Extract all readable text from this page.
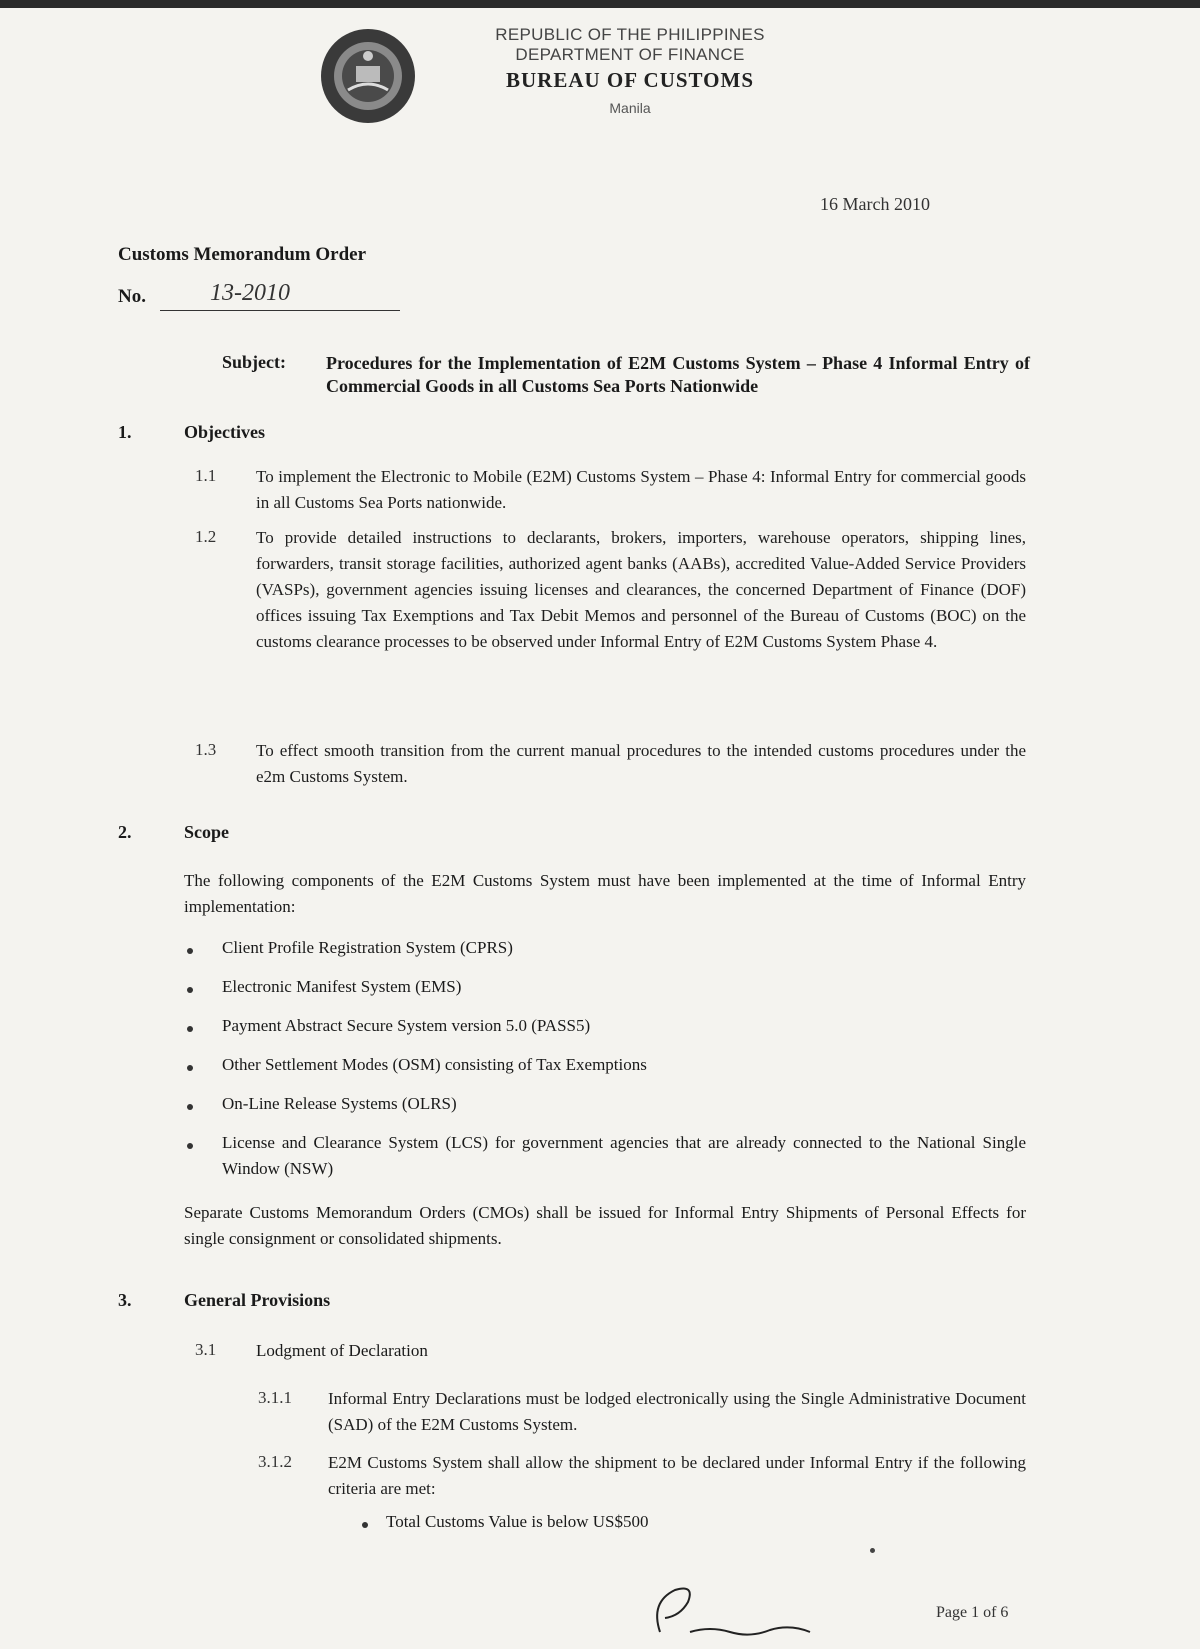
REPUBLIC OF THE PHILIPPINES
DEPARTMENT OF FINANCE
BUREAU OF CUSTOMS
Manila
16 March 2010
Customs Memorandum Order
No.	13-2010
Subject: Procedures for the Implementation of E2M Customs System – Phase 4 Informal Entry of Commercial Goods in all Customs Sea Ports Nationwide
1.	Objectives
1.1 To implement the Electronic to Mobile (E2M) Customs System – Phase 4: Informal Entry for commercial goods in all Customs Sea Ports nationwide.
1.2 To provide detailed instructions to declarants, brokers, importers, warehouse operators, shipping lines, forwarders, transit storage facilities, authorized agent banks (AABs), accredited Value-Added Service Providers (VASPs), government agencies issuing licenses and clearances, the concerned Department of Finance (DOF) offices issuing Tax Exemptions and Tax Debit Memos and personnel of the Bureau of Customs (BOC) on the customs clearance processes to be observed under Informal Entry of E2M Customs System Phase 4.
1.3 To effect smooth transition from the current manual procedures to the intended customs procedures under the e2m Customs System.
2.	Scope
The following components of the E2M Customs System must have been implemented at the time of Informal Entry implementation:
Client Profile Registration System (CPRS)
Electronic Manifest System (EMS)
Payment Abstract Secure System version 5.0 (PASS5)
Other Settlement Modes (OSM) consisting of Tax Exemptions
On-Line Release Systems (OLRS)
License and Clearance System (LCS) for government agencies that are already connected to the National Single Window (NSW)
Separate Customs Memorandum Orders (CMOs) shall be issued for Informal Entry Shipments of Personal Effects for single consignment or consolidated shipments.
3.	General Provisions
3.1 Lodgment of Declaration
3.1.1 Informal Entry Declarations must be lodged electronically using the Single Administrative Document (SAD) of the E2M Customs System.
3.1.2 E2M Customs System shall allow the shipment to be declared under Informal Entry if the following criteria are met:
Total Customs Value is below US$500
Page 1 of 6
